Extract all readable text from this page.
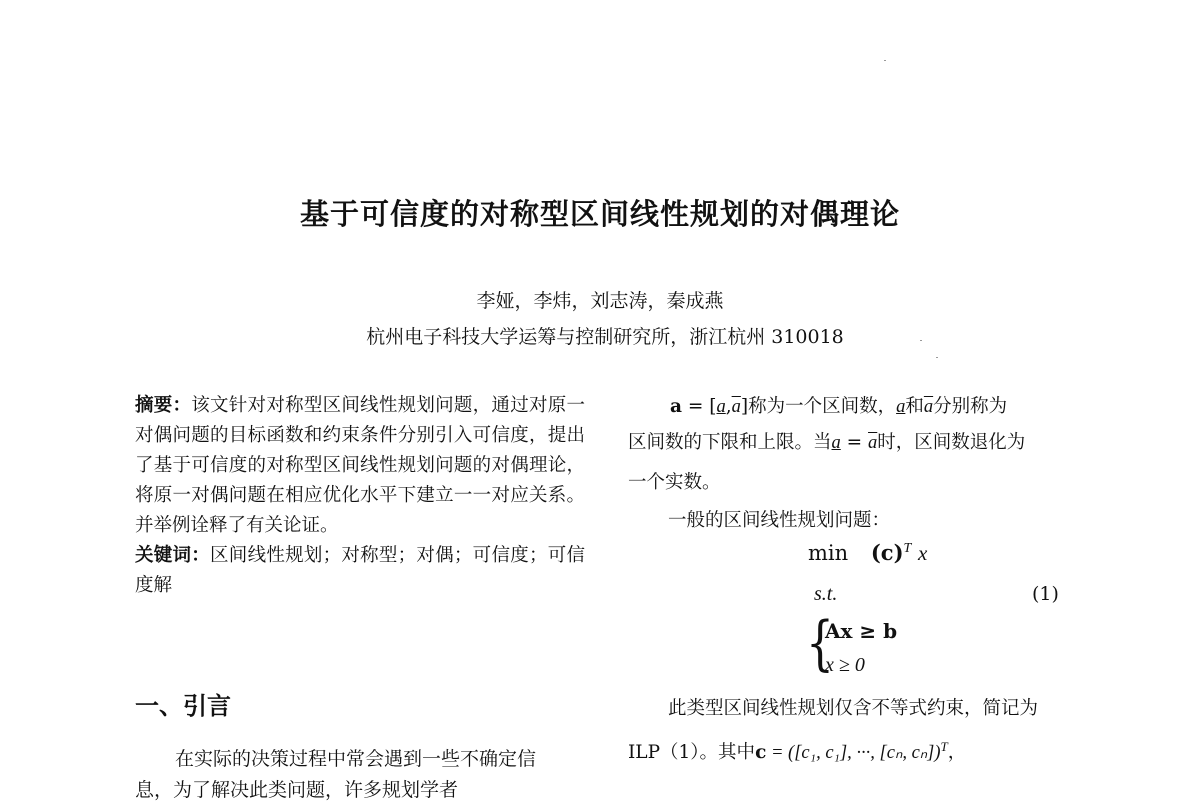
基于可信度的对称型区间线性规划的对偶理论
李娅，李炜，刘志涛，秦成燕
杭州电子科技大学运筹与控制研究所，浙江杭州 310018

摘要：该文针对对称型区间线性规划问题，通过对原一对偶问题的目标函数和约束条件分别引入可信度，提出了基于可信度的对称型区间线性规划问题的对偶理论，将原一对偶问题在相应优化水平下建立一一对应关系。并举例诠释了有关论证。

关键词：区间线性规划；对称型；对偶；可信度；可信度解

一、引言
在实际的决策过程中常会遇到一些不确定信
息，为了解决此类问题，许多规划学者
$a = [a,\overline{a}]$称为一个区间数，a和$\overline{a}$分别称为
区间数的下限和上限。当$a = \overline{a}$时，区间数退化为
一个实数。
一般的区间线性规划问题：
$\min (c)^T$ x
s.t.	(1)
{
Ax ≥ b
x ≥ 0
此类型区间线性规划仅含不等式约束，简记为
ILP（1）。其中c = ([c₁, c₁], ···, [cₙ, cₙ])$^T$，
